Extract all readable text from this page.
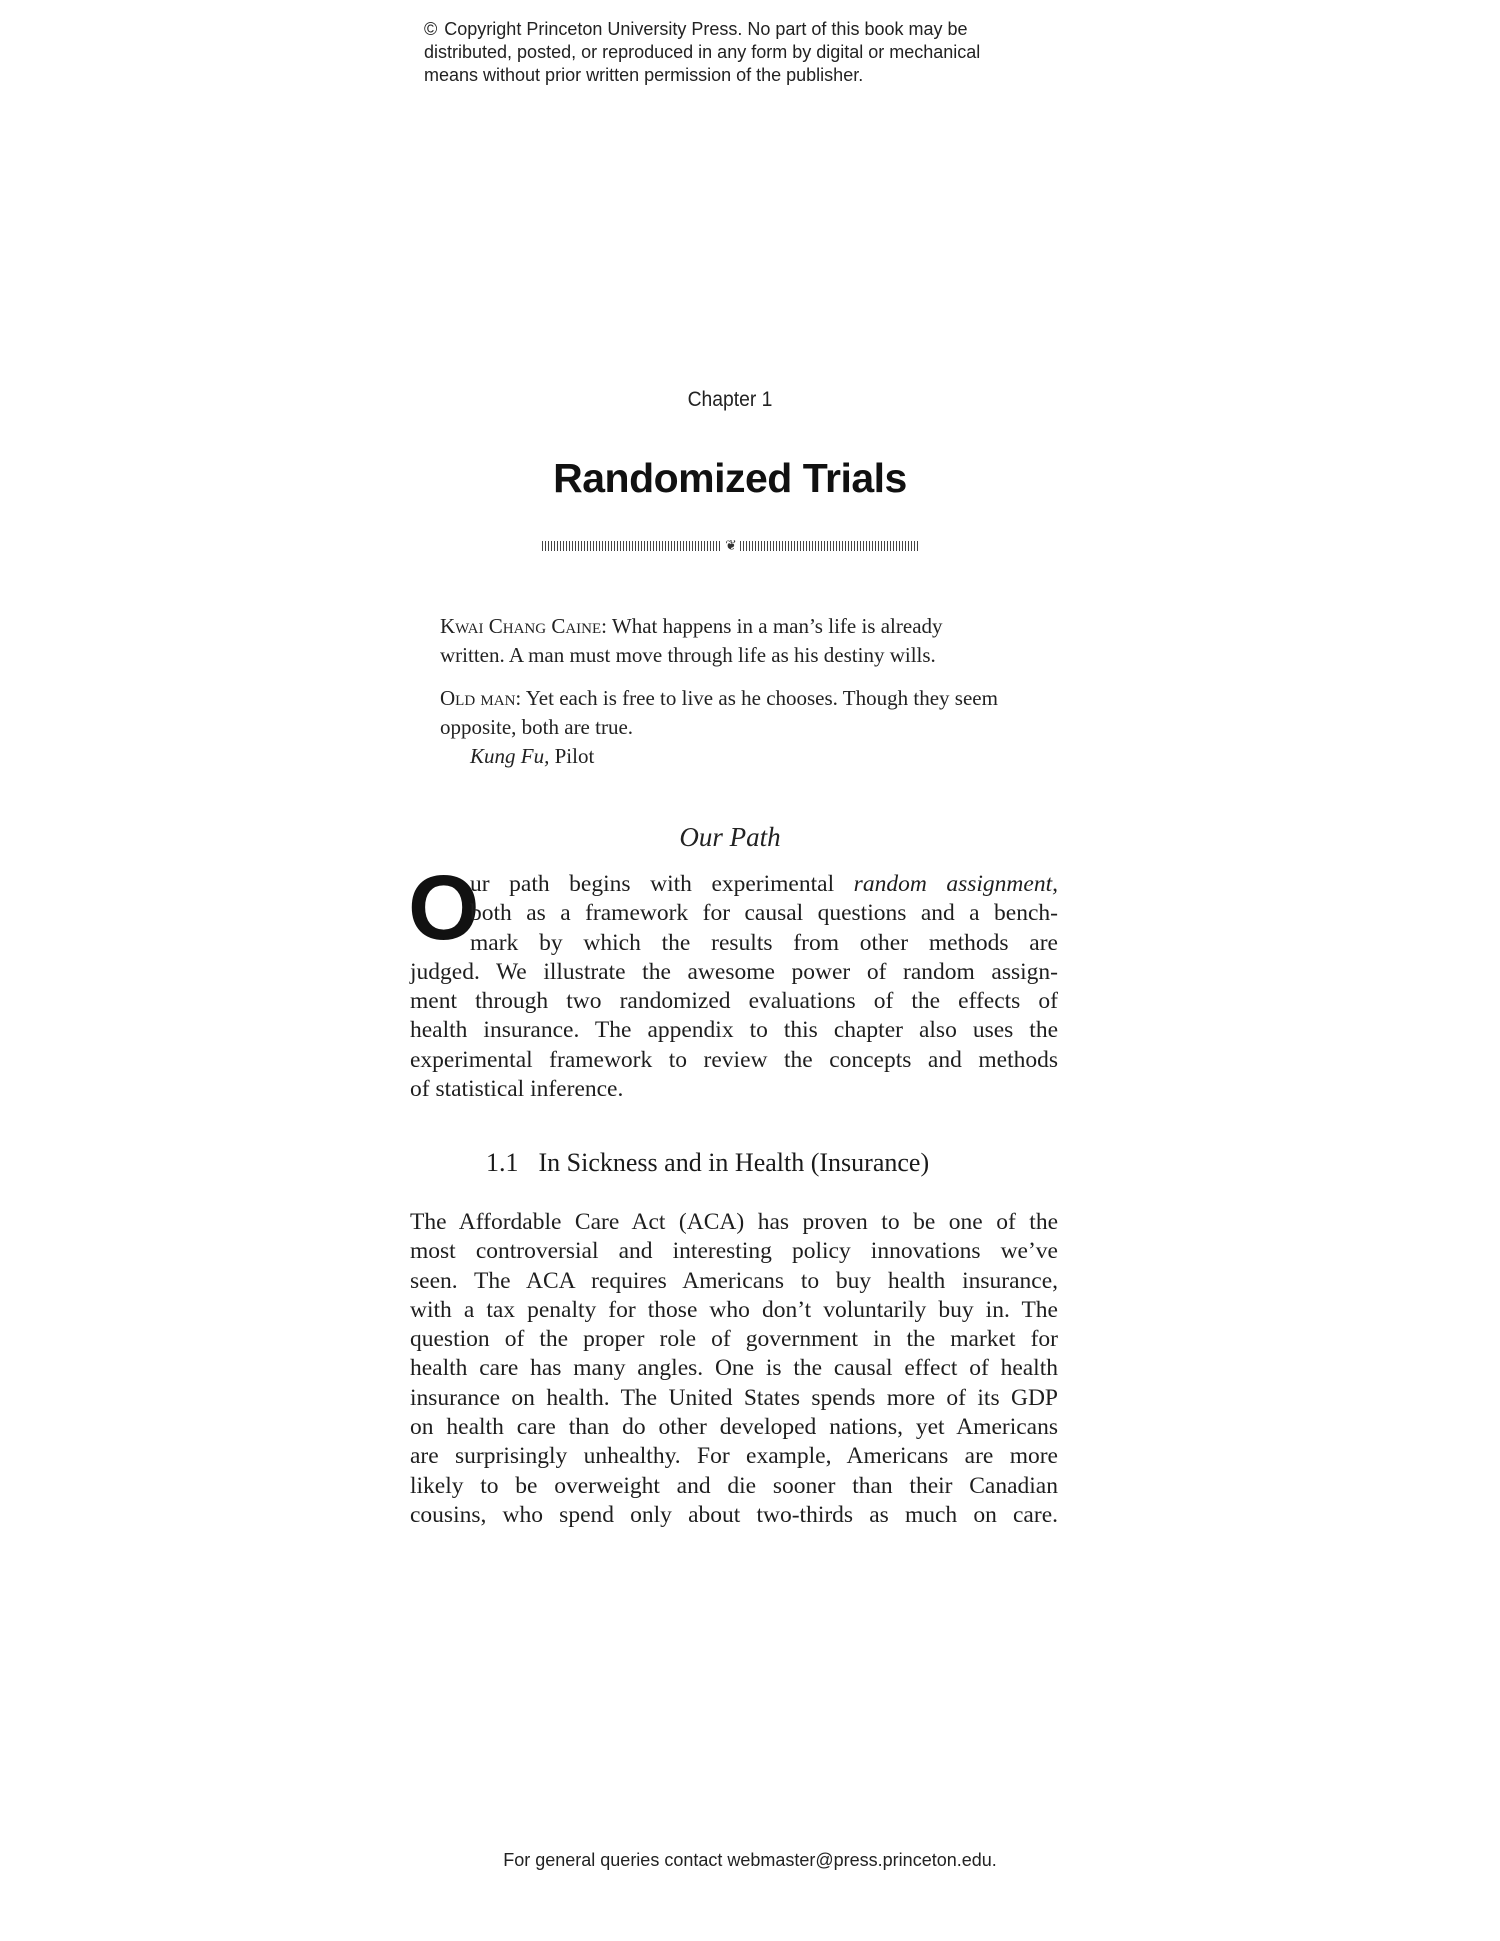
© Copyright Princeton University Press. No part of this book may be
distributed, posted, or reproduced in any form by digital or mechanical
means without prior written permission of the publisher.
Chapter 1
Randomized Trials
❦
Kwai Chang Caine: What happens in a man’s life is already
written. A man must move through life as his destiny wills.
Old man: Yet each is free to live as he chooses. Though they seem
opposite, both are true.
Kung Fu, Pilot
Our Path
O
ur path begins with experimental random assignment,
both as a framework for causal questions and a bench-
mark by which the results from other methods are
judged. We illustrate the awesome power of random assign-
ment through two randomized evaluations of the effects of
health insurance. The appendix to this chapter also uses the
experimental framework to review the concepts and methods
of statistical inference.
1.1 In Sickness and in Health (Insurance)
The Affordable Care Act (ACA) has proven to be one of the
most controversial and interesting policy innovations we’ve
seen. The ACA requires Americans to buy health insurance,
with a tax penalty for those who don’t voluntarily buy in. The
question of the proper role of government in the market for
health care has many angles. One is the causal effect of health
insurance on health. The United States spends more of its GDP
on health care than do other developed nations, yet Americans
are surprisingly unhealthy. For example, Americans are more
likely to be overweight and die sooner than their Canadian
cousins, who spend only about two-thirds as much on care.
For general queries contact webmaster@press.princeton.edu.
